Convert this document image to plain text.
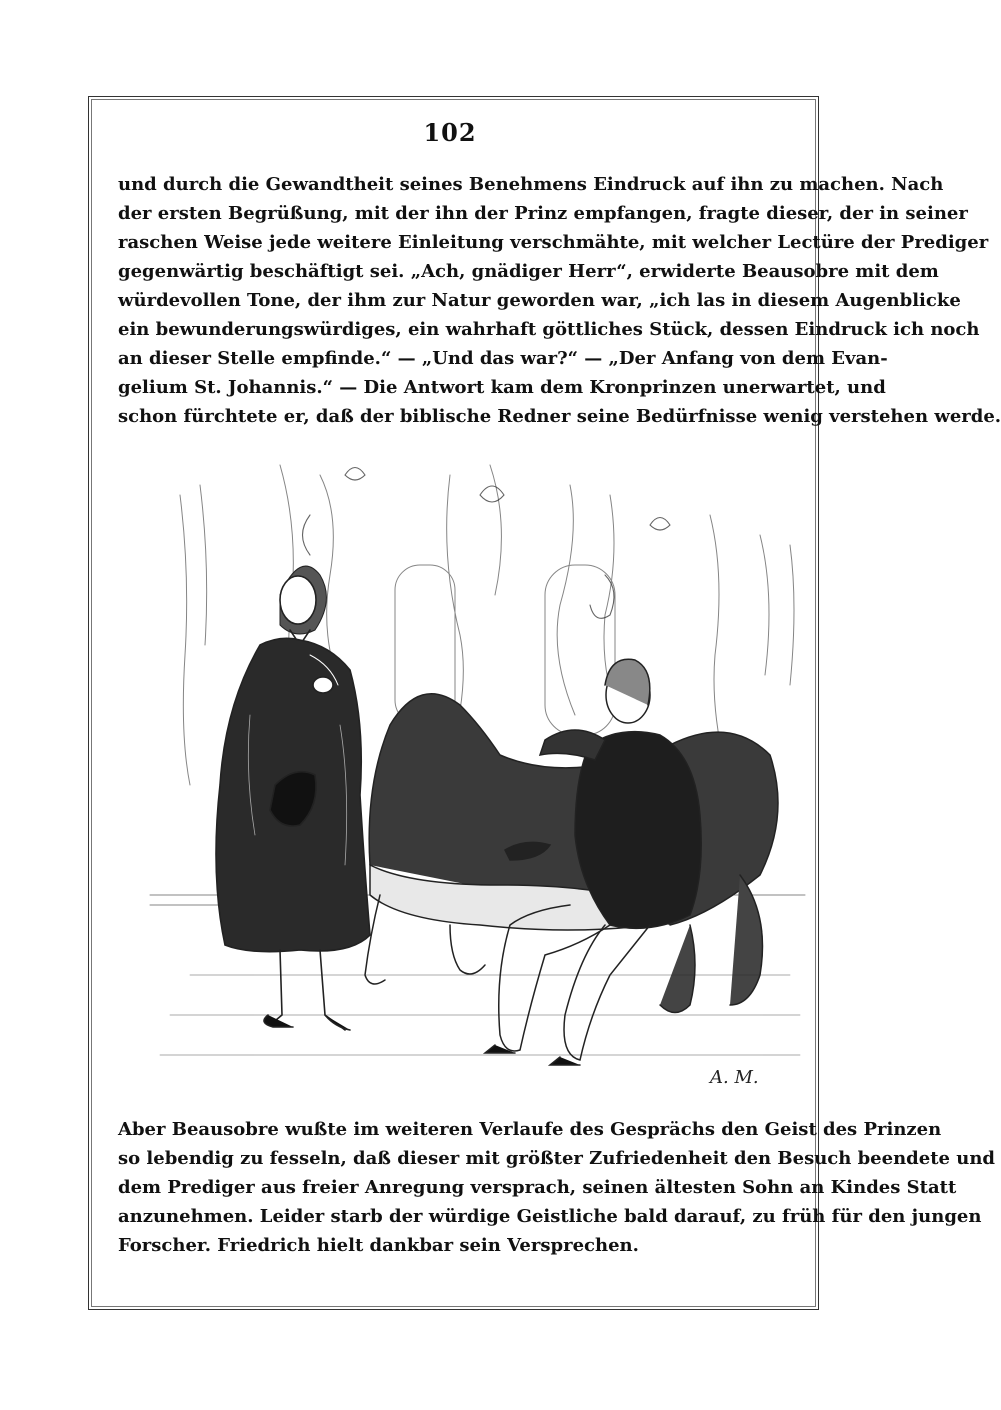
102
und durch die Gewandtheit seines Benehmens Eindruck auf ihn zu machen. Nach
der ersten Begrüßung, mit der ihn der Prinz empfangen, fragte dieser, der in seiner
raschen Weise jede weitere Einleitung verschmähte, mit welcher Lectüre der Prediger
gegenwärtig beschäftigt sei. „Ach, gnädiger Herr“, erwiderte Beausobre mit dem
würdevollen Tone, der ihm zur Natur geworden war, „ich las in diesem Augenblicke
ein bewunderungswürdiges, ein wahrhaft göttliches Stück, dessen Eindruck ich noch
an dieser Stelle empfinde.“ — „Und das war?“ — „Der Anfang von dem Evan-
gelium St. Johannis.“ — Die Antwort kam dem Kronprinzen unerwartet, und
schon fürchtete er, daß der biblische Redner seine Bedürfnisse wenig verstehen werde.
A. M.
Aber Beausobre wußte im weiteren Verlaufe des Gesprächs den Geist des Prinzen
so lebendig zu fesseln, daß dieser mit größter Zufriedenheit den Besuch beendete und
dem Prediger aus freier Anregung versprach, seinen ältesten Sohn an Kindes Statt
anzunehmen. Leider starb der würdige Geistliche bald darauf, zu früh für den jungen
Forscher. Friedrich hielt dankbar sein Versprechen.
